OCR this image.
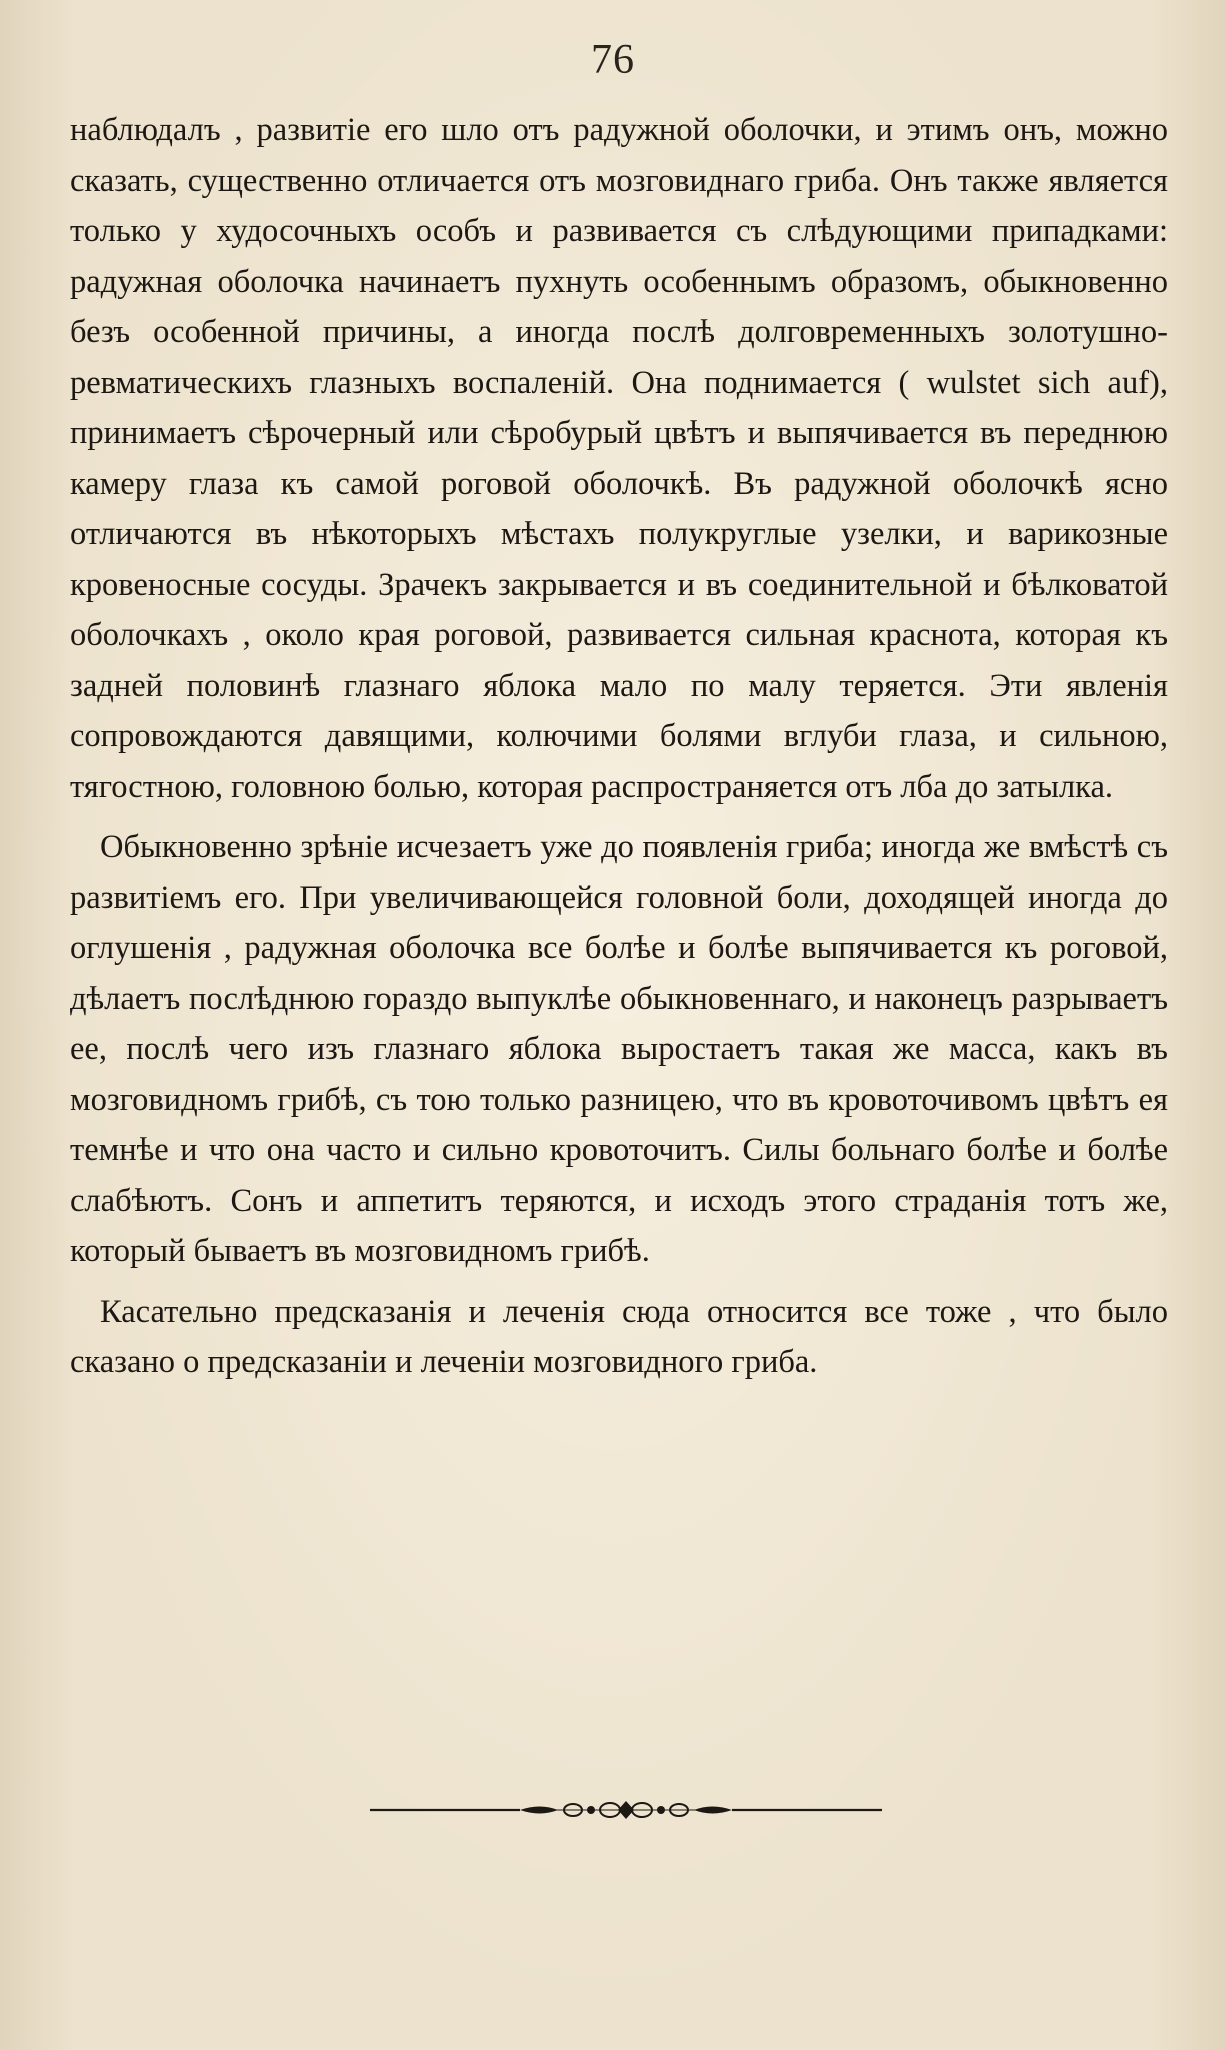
76

наблюдалъ , развитіе его шло отъ радужной оболочки, и этимъ онъ, можно сказать, существенно отличается отъ мозговиднаго гриба. Онъ также является только у худосочныхъ особъ и развивается съ слѣдующими припадками: радужная оболочка начинаетъ пухнуть особеннымъ образомъ, обыкновенно безъ особенной причины, а иногда послѣ долговременныхъ золотушно-ревматическихъ глазныхъ воспаленій. Она поднимается ( wulstet sich auf), принимаетъ сѣрочерный или сѣробурый цвѣтъ и выпячивается въ переднюю камеру глаза къ самой роговой оболочкѣ. Въ радужной оболочкѣ ясно отличаются въ нѣкоторыхъ мѣстахъ полукруглые узелки, и варикозные кровеносные сосуды. Зрачекъ закрывается и въ соединительной и бѣлковатой оболочкахъ , около края роговой, развивается сильная краснота, которая къ задней половинѣ глазнаго яблока мало по малу теряется. Эти явленія сопровождаются давящими, колючими болями вглуби глаза, и сильною, тягостною, головною болью, которая распространяется отъ лба до затылка.

Обыкновенно зрѣніе исчезаетъ уже до появленія гриба; иногда же вмѣстѣ съ развитіемъ его. При увеличивающейся головной боли, доходящей иногда до оглушенія , радужная оболочка все болѣе и болѣе выпячивается къ роговой, дѣлаетъ послѣднюю гораздо выпуклѣе обыкновеннаго, и наконецъ разрываетъ ее, послѣ чего изъ глазнаго яблока выростаетъ такая же масса, какъ въ мозговидномъ грибѣ, съ тою только разницею, что въ кровоточивомъ цвѣтъ ея темнѣе и что она часто и сильно кровоточитъ. Силы больнаго болѣе и болѣе слабѣютъ. Сонъ и аппетитъ теряются, и исходъ этого страданія тотъ же, который бываетъ въ мозговидномъ грибѣ.

Касательно предсказанія и леченія сюда относится все тоже , что было сказано о предсказаніи и леченіи мозговидного гриба.
